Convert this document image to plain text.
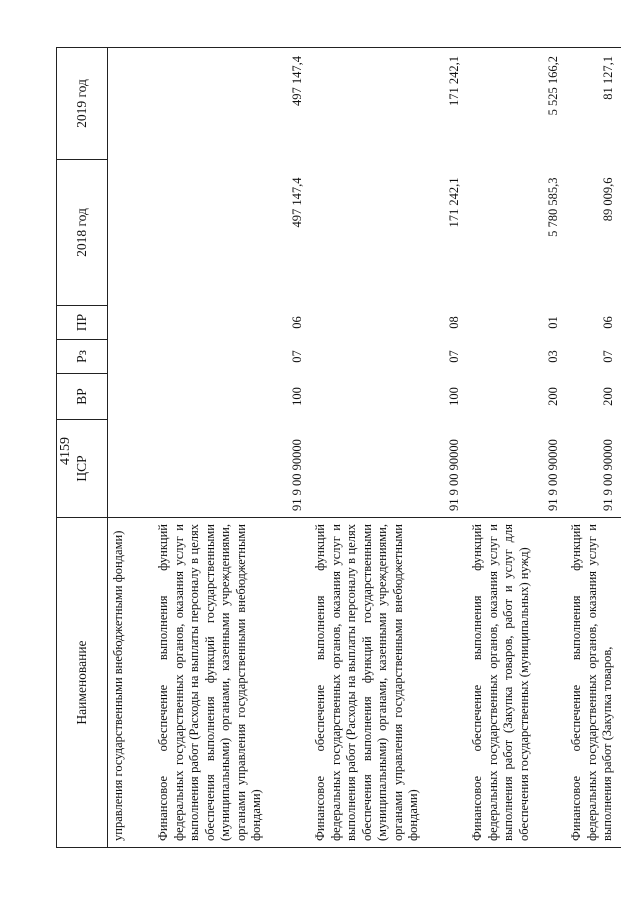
4159
Наименование	ЦСР	ВР	Рз	ПР	2018 год	2019 год
управления государственными внебюджетными фондами)						
Финансовое обеспечение выполнения функций федеральных государственных органов, оказания услуг и выполнения работ (Расходы на выплаты персоналу в целях обеспечения выполнения функций государственными (муниципальными) органами, казенными учреждениями, органами управления государственными внебюджетными фондами)	91 9 00 90000	100	07	06	497 147,4	497 147,4
Финансовое обеспечение выполнения функций федеральных государственных органов, оказания услуг и выполнения работ (Расходы на выплаты персоналу в целях обеспечения выполнения функций государственными (муниципальными) органами, казенными учреждениями, органами управления государственными внебюджетными фондами)	91 9 00 90000	100	07	08	171 242,1	171 242,1
Финансовое обеспечение выполнения функций федеральных государственных органов, оказания услуг и выполнения работ (Закупка товаров, работ и услуг для обеспечения государственных (муниципальных) нужд)	91 9 00 90000	200	03	01	5 780 585,3	5 525 166,2
Финансовое обеспечение выполнения функций федеральных государственных органов, оказания услуг и выполнения работ (Закупка товаров,	91 9 00 90000	200	07	06	89 009,6	81 127,1
